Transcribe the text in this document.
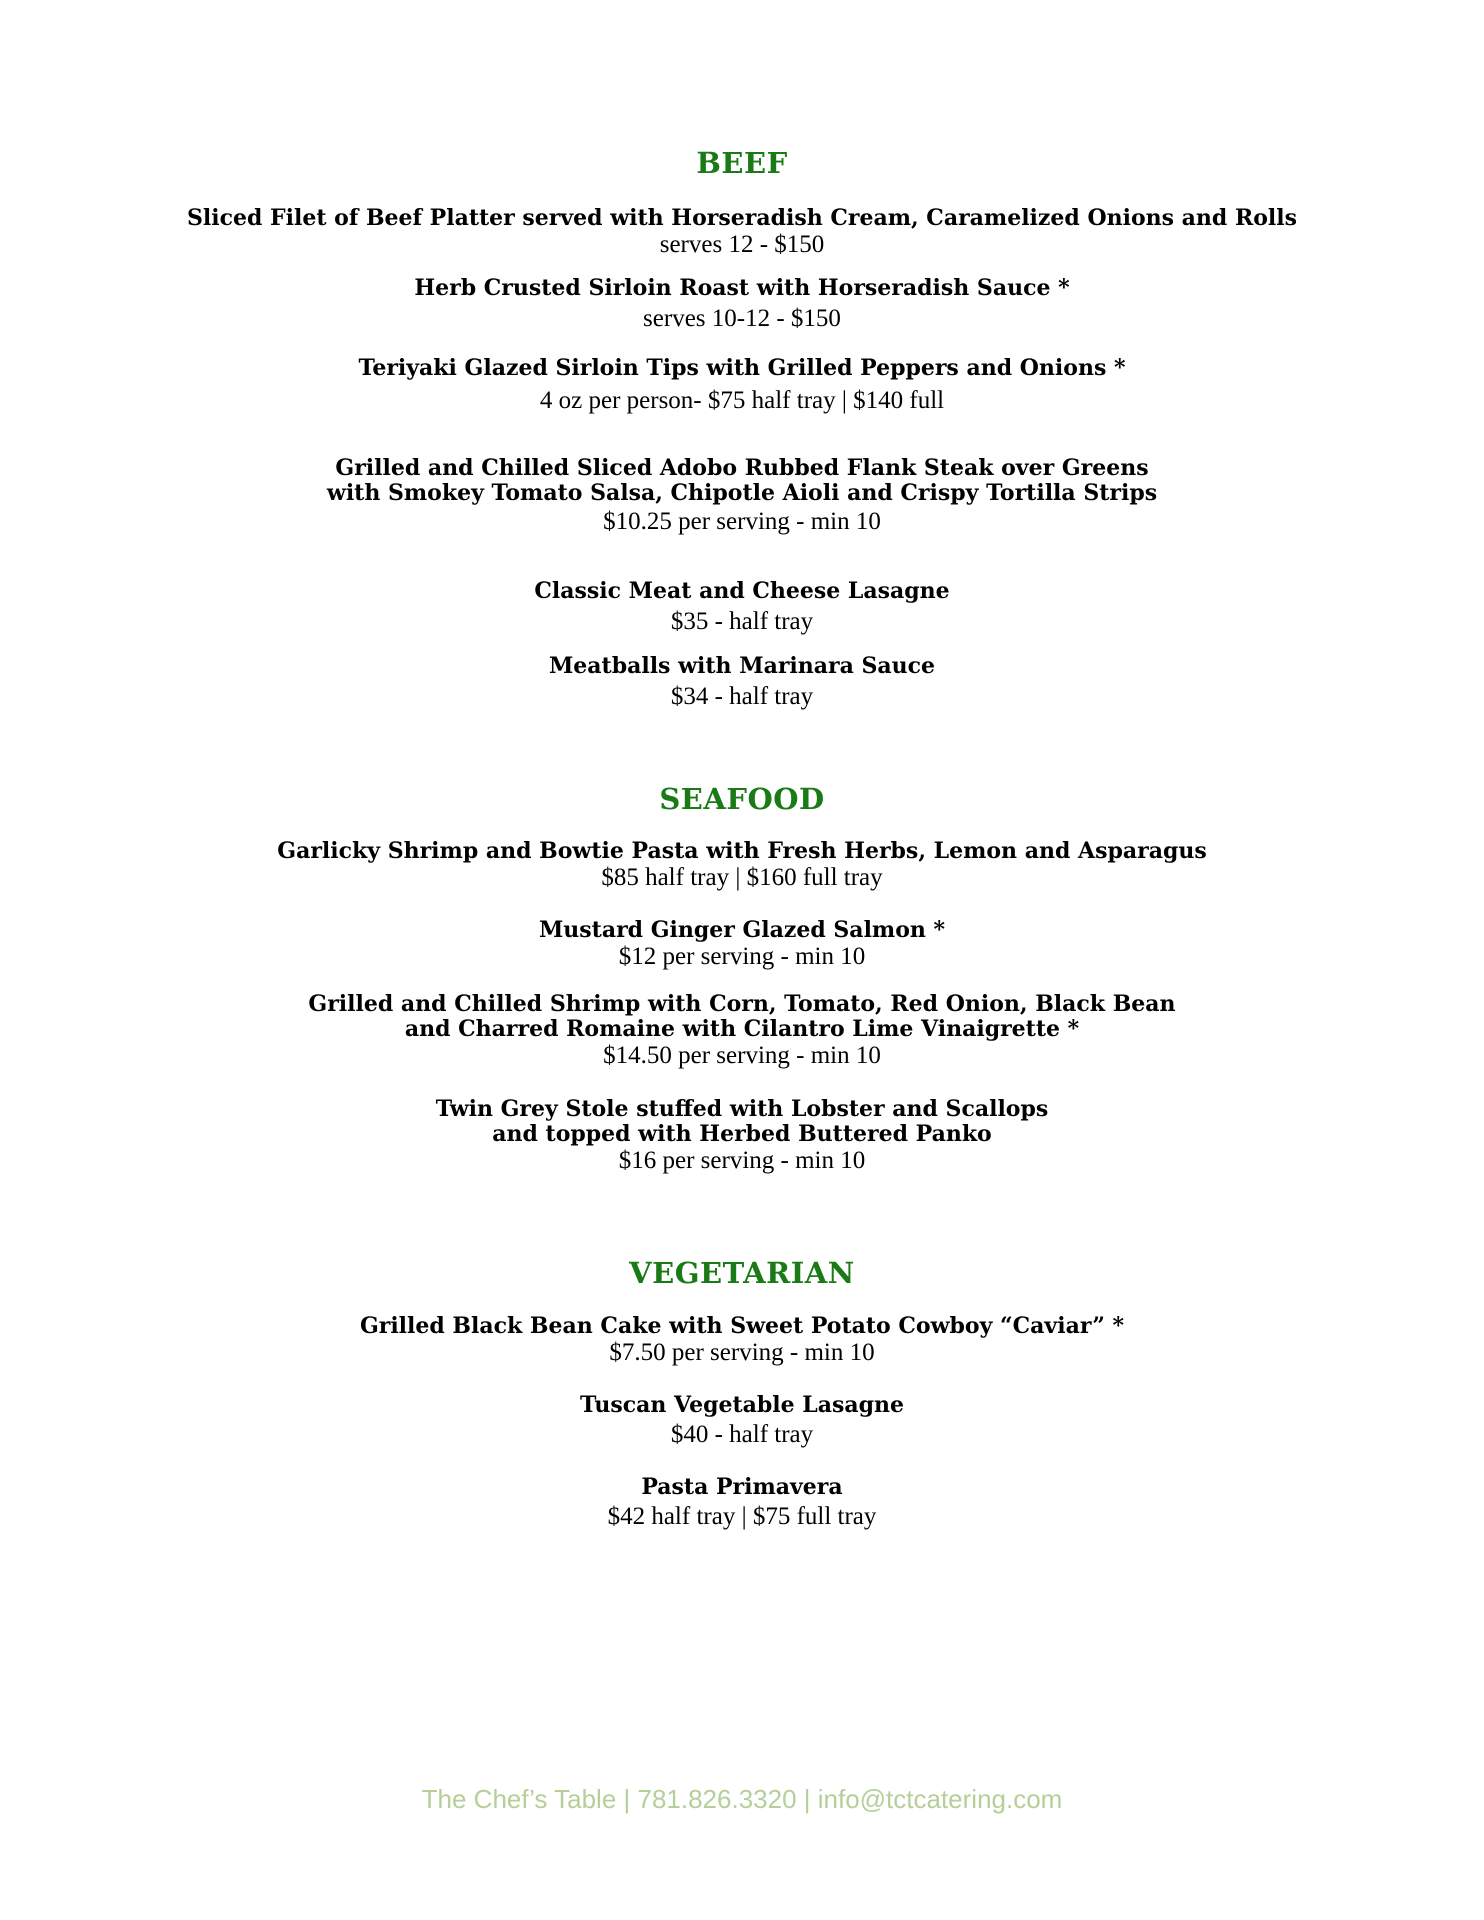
BEEF

Sliced Filet of Beef Platter served with Horseradish Cream, Caramelized Onions and Rolls

serves 12 - $150

Herb Crusted Sirloin Roast with Horseradish Sauce *

serves 10-12 - $150

Teriyaki Glazed Sirloin Tips with Grilled Peppers and Onions *

4 oz per person- $75 half tray | $140 full

Grilled and Chilled Sliced Adobo Rubbed Flank Steak over Greens

with Smokey Tomato Salsa, Chipotle Aioli and Crispy Tortilla Strips

$10.25 per serving - min 10

Classic Meat and Cheese Lasagne

$35 - half tray

Meatballs with Marinara Sauce

$34 - half tray

SEAFOOD

Garlicky Shrimp and Bowtie Pasta with Fresh Herbs, Lemon and Asparagus

$85 half tray | $160 full tray

Mustard Ginger Glazed Salmon *

$12 per serving - min 10

Grilled and Chilled Shrimp with Corn, Tomato, Red Onion, Black Bean

and Charred Romaine with Cilantro Lime Vinaigrette *

$14.50 per serving - min 10

Twin Grey Stole stuffed with Lobster and Scallops

and topped with Herbed Buttered Panko

$16 per serving - min 10

VEGETARIAN

Grilled Black Bean Cake with Sweet Potato Cowboy “Caviar” *

$7.50 per serving - min 10

Tuscan Vegetable Lasagne

$40 - half tray

Pasta Primavera

$42 half tray | $75 full tray

The Chef’s Table | 781.826.3320 | info@tctcatering.com
